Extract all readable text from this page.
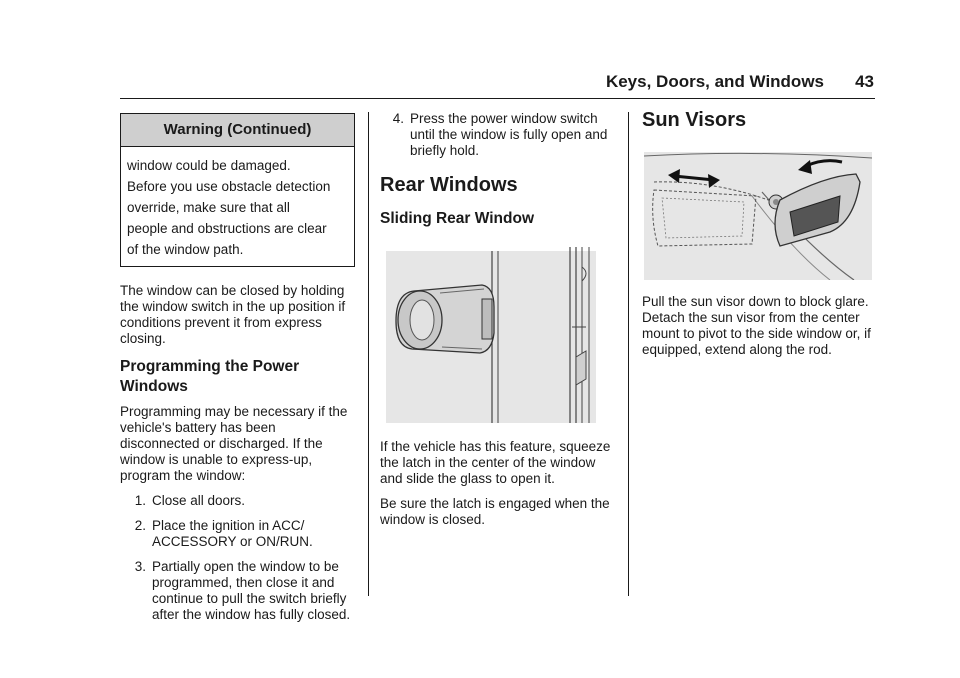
Keys, Doors, and Windows 43
Warning (Continued)
window could be damaged.
Before you use obstacle detection
override, make sure that all
people and obstructions are clear
of the window path.

The window can be closed by holding the window switch in the up position if conditions prevent it from express closing.

Programming the Power Windows

Programming may be necessary if the vehicle's battery has been disconnected or discharged. If the window is unable to express-up, program the window:

1. Close all doors.
2. Place the ignition in ACC/ ACCESSORY or ON/RUN.
3. Partially open the window to be programmed, then close it and continue to pull the switch briefly after the window has fully closed.
4. Press the power window switch until the window is fully open and briefly hold.
Rear Windows
Sliding Rear Window

If the vehicle has this feature, squeeze the latch in the center of the window and slide the glass to open it.

Be sure the latch is engaged when the window is closed.

Sun Visors

Pull the sun visor down to block glare. Detach the sun visor from the center mount to pivot to the side window or, if equipped, extend along the rod.
